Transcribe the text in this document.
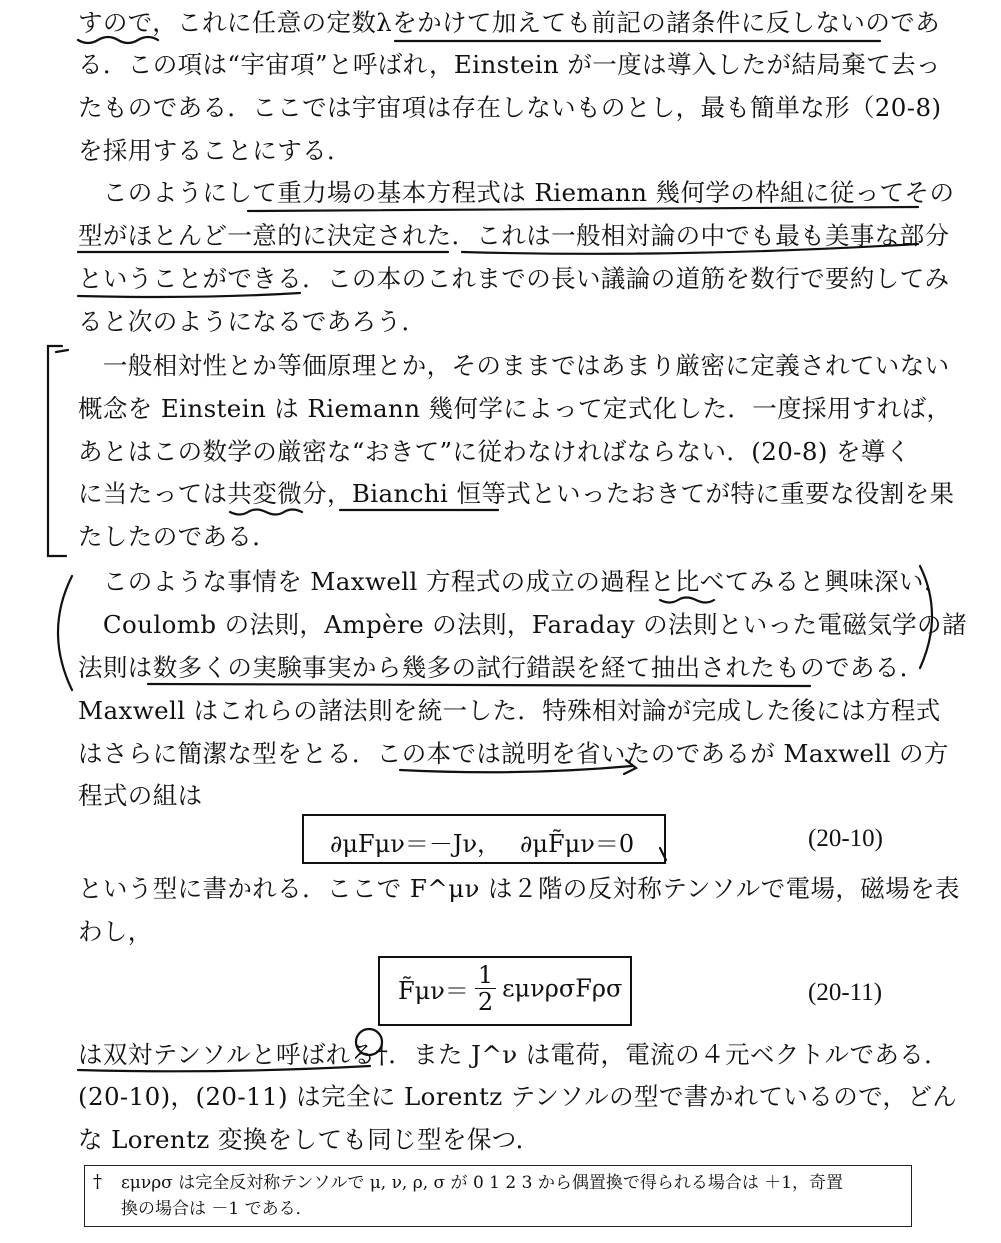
すので，これに任意の定数λをかけて加えても前記の諸条件に反しないのであ
る．この項は“宇宙項”と呼ばれ，Einstein が一度は導入したが結局棄て去っ
たものである．ここでは宇宙項は存在しないものとし，最も簡単な形（20-8)
を採用することにする．
　このようにして重力場の基本方程式は Riemann 幾何学の枠組に従ってその
型がほとんど一意的に決定された．これは一般相対論の中でも最も美事な部分
ということができる．この本のこれまでの長い議論の道筋を数行で要約してみ
ると次のようになるであろう．
　一般相対性とか等価原理とか，そのままではあまり厳密に定義されていない
概念を Einstein は Riemann 幾何学によって定式化した．一度採用すれば，
あとはこの数学の厳密な“おきて”に従わなければならない．(20-8) を導く
に当たっては共変微分，Bianchi 恒等式といったおきてが特に重要な役割を果
たしたのである．
　このような事情を Maxwell 方程式の成立の過程と比べてみると興味深い．
　Coulomb の法則，Ampère の法則，Faraday の法則といった電磁気学の諸
法則は数多くの実験事実から幾多の試行錯誤を経て抽出されたものである．
Maxwell はこれらの諸法則を統一した．特殊相対論が完成した後には方程式
はさらに簡潔な型をとる．この本では説明を省いたのであるが Maxwell の方
程式の組は
∂μFμν＝－Jν， ∂μF̃μν＝0	(20-10)
という型に書かれる．ここで F^μν は２階の反対称テンソルで電場，磁場を表
わし，
F̃μν＝ $\frac{1}{2}$ εμνρσFρσ	(20-11)
は双対テンソルと呼ばれる†．また J^ν は電荷，電流の４元ベクトルである．
(20-10)，(20-11) は完全に Lorentz テンソルの型で書かれているので，どん
な Lorentz 変換をしても同じ型を保つ．
† εμνρσ は完全反対称テンソルで μ, ν, ρ, σ が 0 1 2 3 から偶置換で得られる場合は ＋1，奇置
換の場合は －1 である．
